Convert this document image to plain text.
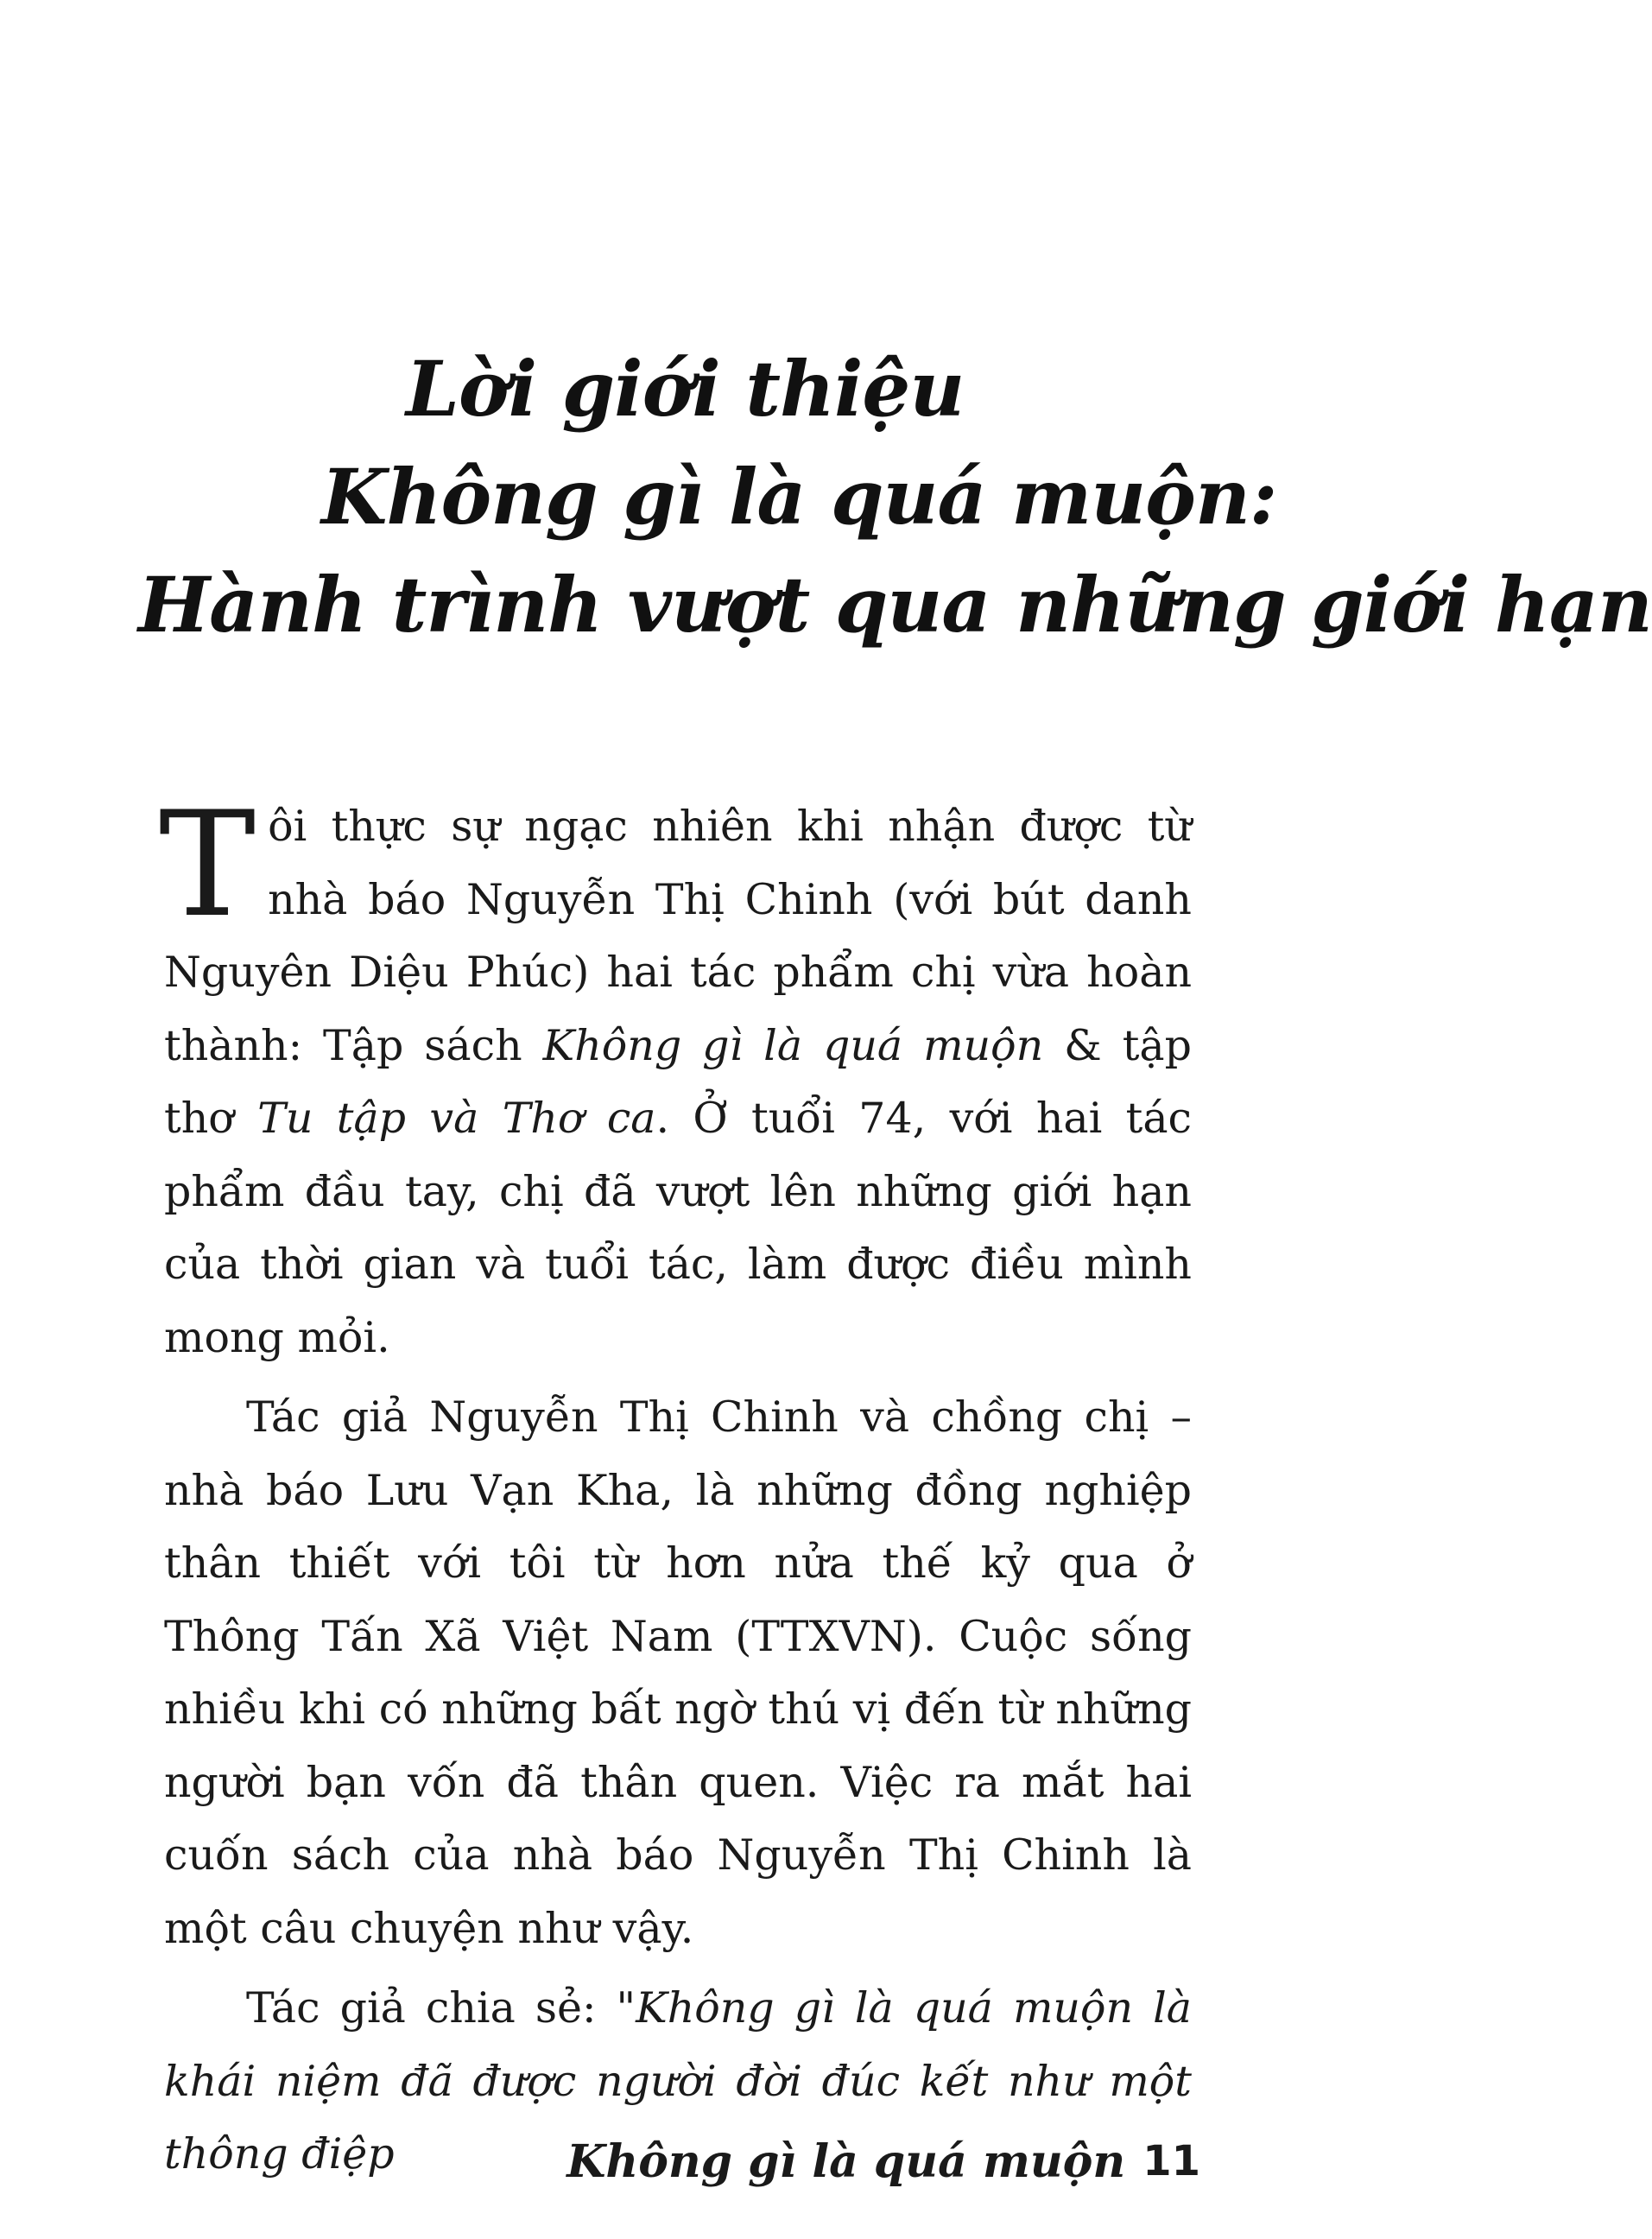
Lời giới thiệu
Không gì là quá muộn:
Hành trình vượt qua những giới hạn

Tôi thực sự ngạc nhiên khi nhận được từ nhà báo Nguyễn Thị Chinh (với bút danh Nguyên Diệu Phúc) hai tác phẩm chị vừa hoàn thành: Tập sách Không gì là quá muộn & tập thơ Tu tập và Thơ ca. Ở tuổi 74, với hai tác phẩm đầu tay, chị đã vượt lên những giới hạn của thời gian và tuổi tác, làm được điều mình mong mỏi.

Tác giả Nguyễn Thị Chinh và chồng chị – nhà báo Lưu Vạn Kha, là những đồng nghiệp thân thiết với tôi từ hơn nửa thế kỷ qua ở Thông Tấn Xã Việt Nam (TTXVN). Cuộc sống nhiều khi có những bất ngờ thú vị đến từ những người bạn vốn đã thân quen. Việc ra mắt hai cuốn sách của nhà báo Nguyễn Thị Chinh là một câu chuyện như vậy.

Tác giả chia sẻ: "Không gì là quá muộn là khái niệm đã được người đời đúc kết như một thông điệp	Không gì là quá muộn 11
